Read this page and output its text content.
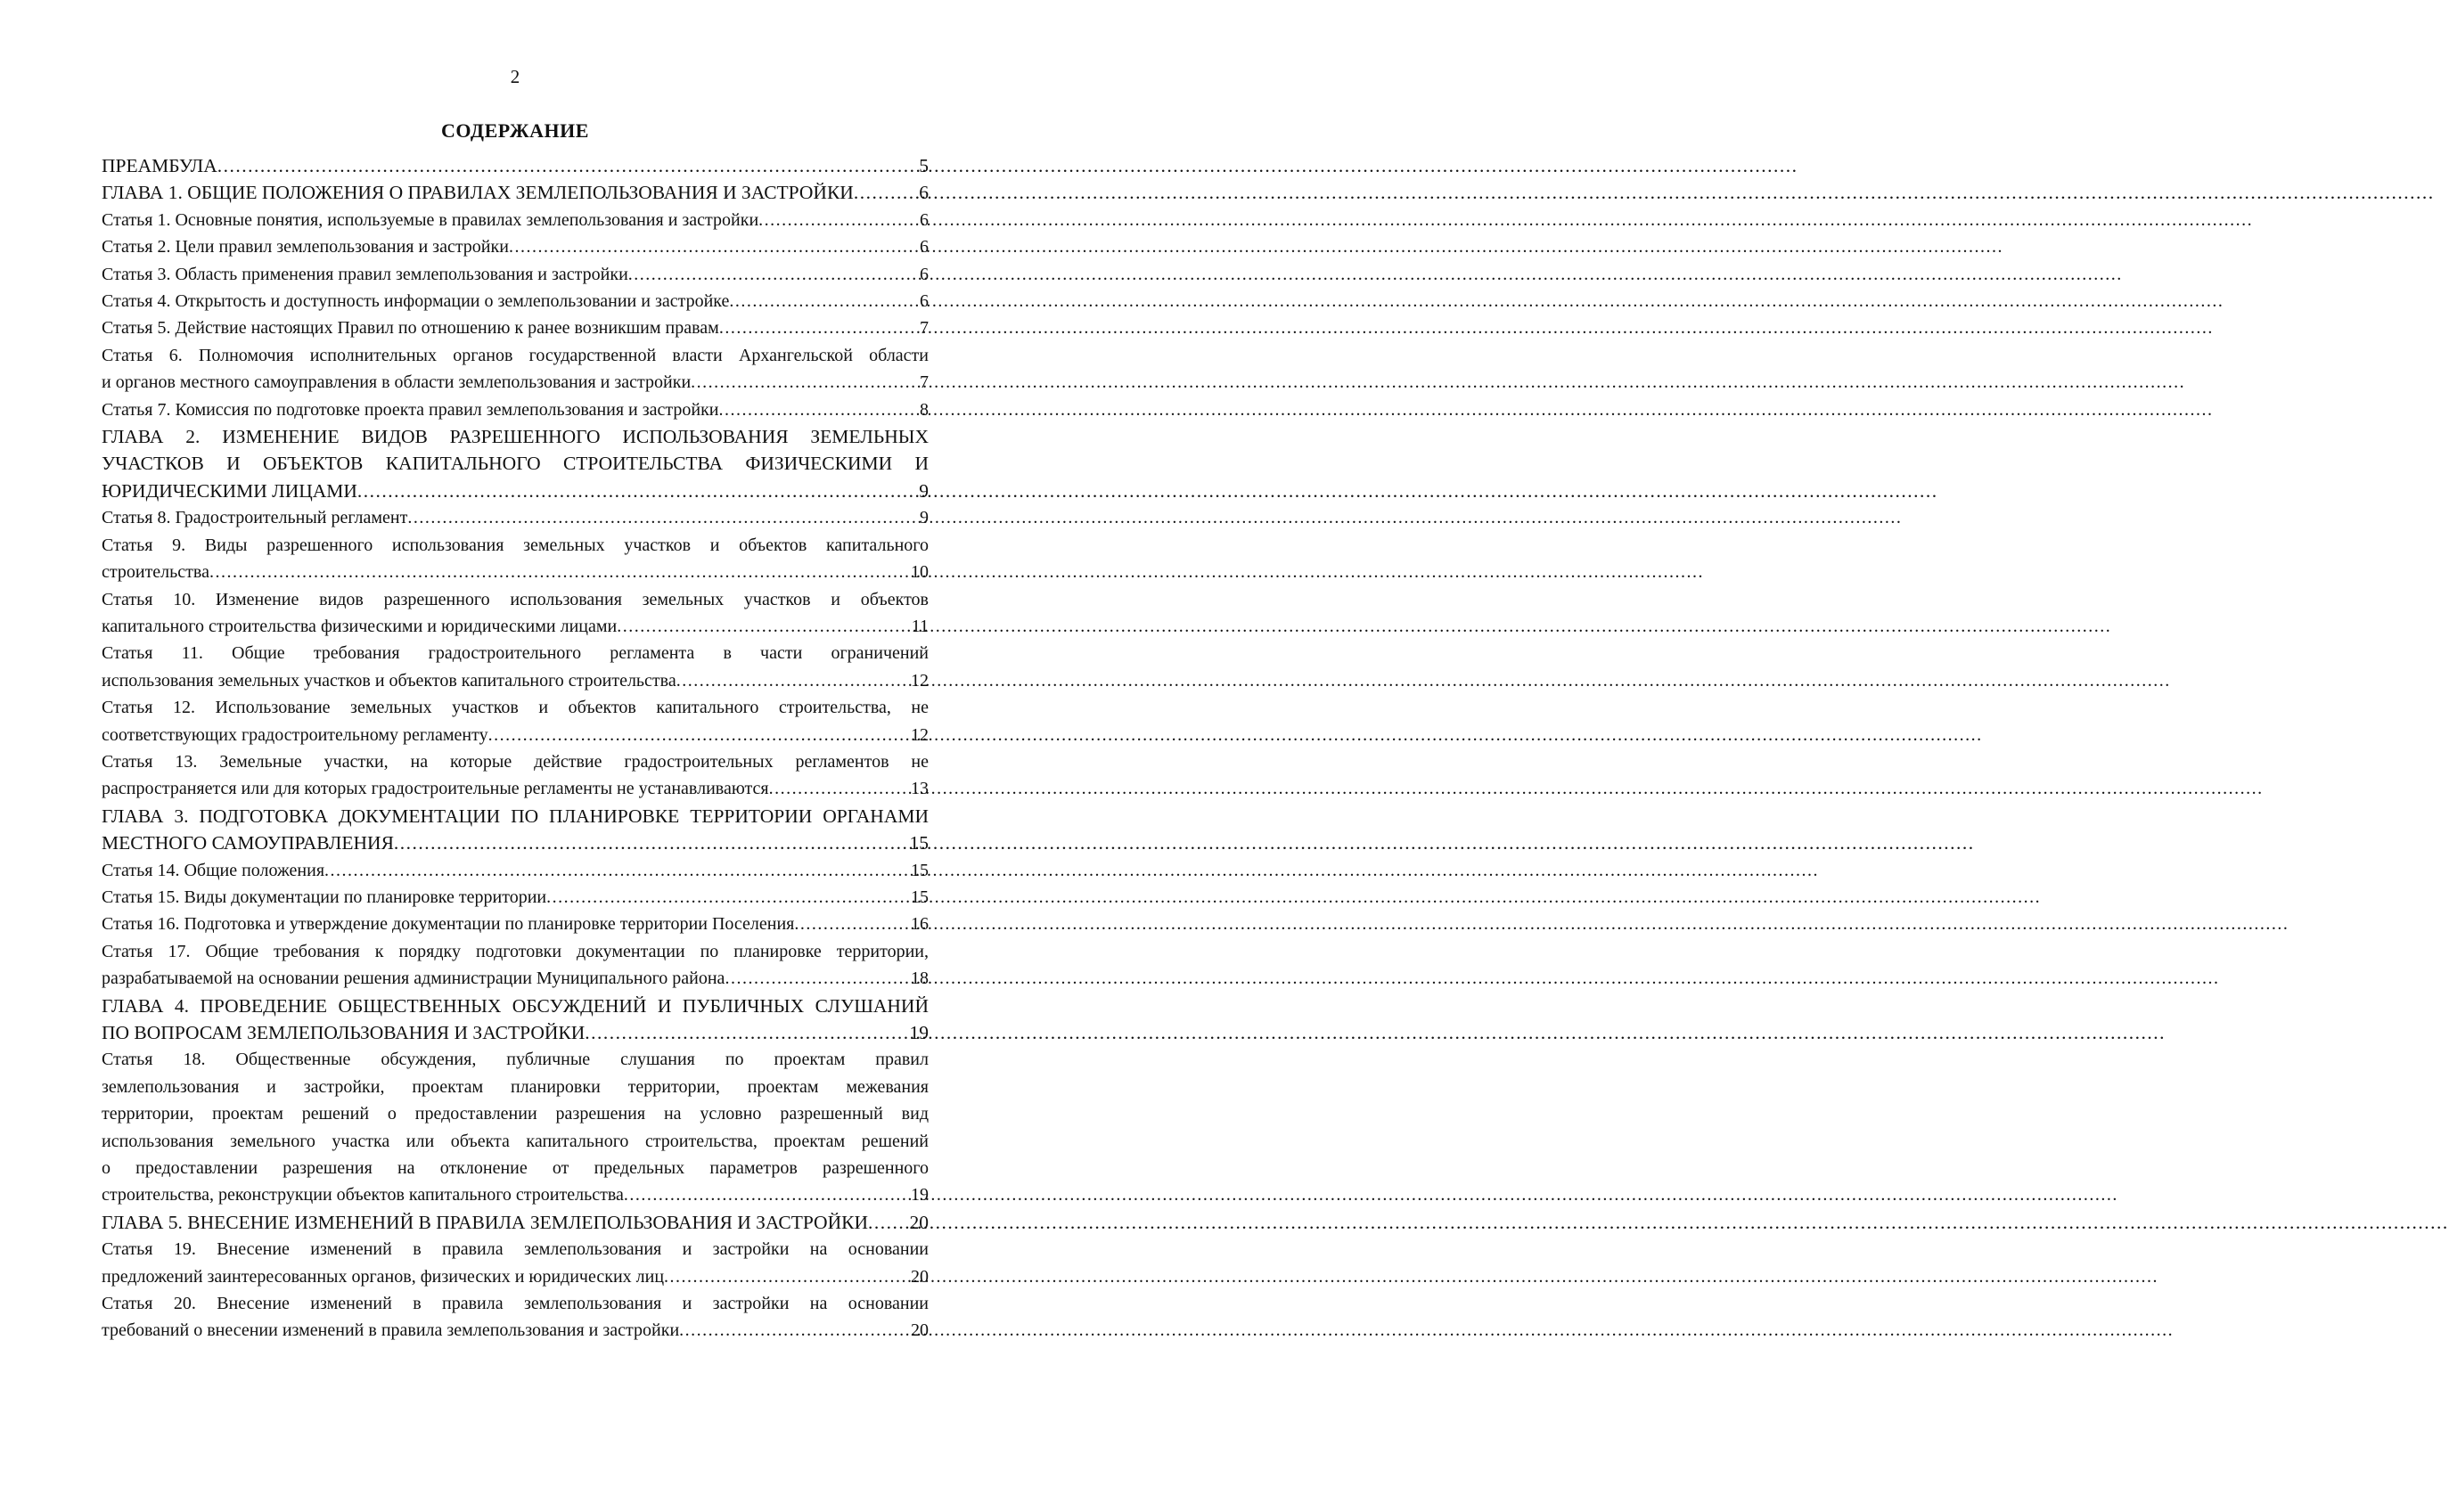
2
СОДЕРЖАНИЕ
ПРЕАМБУЛА .....	5
ГЛАВА 1. ОБЩИЕ ПОЛОЖЕНИЯ О ПРАВИЛАХ ЗЕМЛЕПОЛЬЗОВАНИЯ И ЗАСТРОЙКИ .....	6
Статья 1. Основные понятия, используемые в правилах землепользования и застройки .....	6
Статья 2. Цели правил землепользования и застройки .....	6
Статья 3. Область применения правил землепользования и застройки .....	6
Статья 4. Открытость и доступность информации о землепользовании и застройке .....	6
Статья 5. Действие настоящих Правил по отношению к ранее возникшим правам .....	7
Статья 6. Полномочия исполнительных органов государственной власти Архангельской области
и органов местного самоуправления в области землепользования и застройки .....	7
Статья 7. Комиссия по подготовке проекта правил землепользования и застройки .....	8
ГЛАВА 2. ИЗМЕНЕНИЕ ВИДОВ РАЗРЕШЕННОГО ИСПОЛЬЗОВАНИЯ ЗЕМЕЛЬНЫХ
УЧАСТКОВ И ОБЪЕКТОВ КАПИТАЛЬНОГО СТРОИТЕЛЬСТВА ФИЗИЧЕСКИМИ И
ЮРИДИЧЕСКИМИ ЛИЦАМИ .....	9
Статья 8. Градостроительный регламент .....	9
Статья 9. Виды разрешенного использования земельных участков и объектов капитального
строительства .....	10
Статья 10. Изменение видов разрешенного использования земельных участков и объектов
капитального строительства физическими и юридическими лицами .....	11
Статья 11. Общие требования градостроительного регламента в части ограничений
использования земельных участков и объектов капитального строительства .....	12
Статья 12. Использование земельных участков и объектов капитального строительства, не
соответствующих градостроительному регламенту .....	12
Статья 13. Земельные участки, на которые действие градостроительных регламентов не
распространяется или для которых градостроительные регламенты не устанавливаются .....	13
ГЛАВА 3. ПОДГОТОВКА ДОКУМЕНТАЦИИ ПО ПЛАНИРОВКЕ ТЕРРИТОРИИ ОРГАНАМИ
МЕСТНОГО САМОУПРАВЛЕНИЯ .....	15
Статья 14. Общие положения .....	15
Статья 15. Виды документации по планировке территории .....	15
Статья 16. Подготовка и утверждение документации по планировке территории Поселения .....	16
Статья 17. Общие требования к порядку подготовки документации по планировке территории,
разрабатываемой на основании решения администрации Муниципального района .....	18
ГЛАВА 4. ПРОВЕДЕНИЕ ОБЩЕСТВЕННЫХ ОБСУЖДЕНИЙ И ПУБЛИЧНЫХ СЛУШАНИЙ
ПО ВОПРОСАМ ЗЕМЛЕПОЛЬЗОВАНИЯ И ЗАСТРОЙКИ .....	19
Статья 18. Общественные обсуждения, публичные слушания по проектам правил
землепользования и застройки, проектам планировки территории, проектам межевания
территории, проектам решений о предоставлении разрешения на условно разрешенный вид
использования земельного участка или объекта капитального строительства, проектам решений
о предоставлении разрешения на отклонение от предельных параметров разрешенного
строительства, реконструкции объектов капитального строительства .....	19
ГЛАВА 5. ВНЕСЕНИЕ ИЗМЕНЕНИЙ В ПРАВИЛА ЗЕМЛЕПОЛЬЗОВАНИЯ И ЗАСТРОЙКИ ..... 20
Статья 19. Внесение изменений в правила землепользования и застройки на основании
предложений заинтересованных органов, физических и юридических лиц .....	20
Статья 20. Внесение изменений в правила землепользования и застройки на основании
требований о внесении изменений в правила землепользования и застройки .....	20
